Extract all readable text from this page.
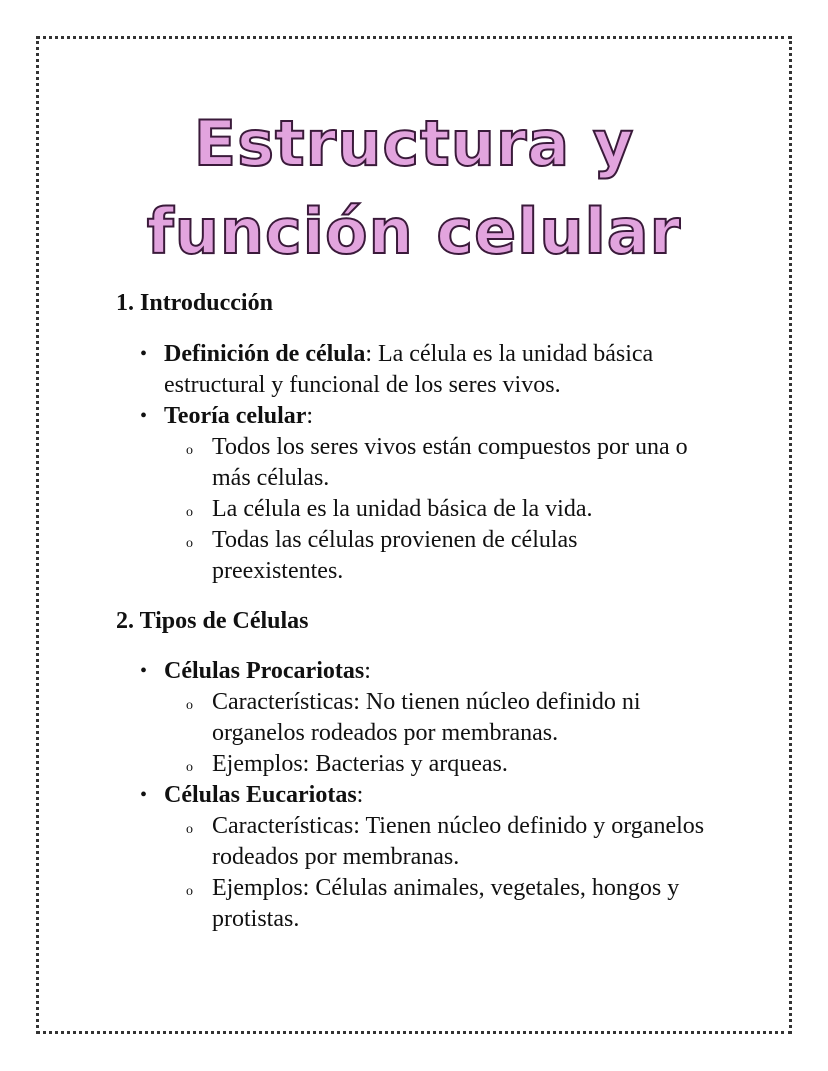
Estructura y
función celular
1. Introducción
• Definición de célula: La célula es la unidad básica estructural y funcional de los seres vivos.
• Teoría celular:
o Todos los seres vivos están compuestos por una o más células.
o La célula es la unidad básica de la vida.
o Todas las células provienen de células preexistentes.
2. Tipos de Células
• Células Procariotas:
o Características: No tienen núcleo definido ni organelos rodeados por membranas.
o Ejemplos: Bacterias y arqueas.
• Células Eucariotas:
o Características: Tienen núcleo definido y organelos rodeados por membranas.
o Ejemplos: Células animales, vegetales, hongos y protistas.
